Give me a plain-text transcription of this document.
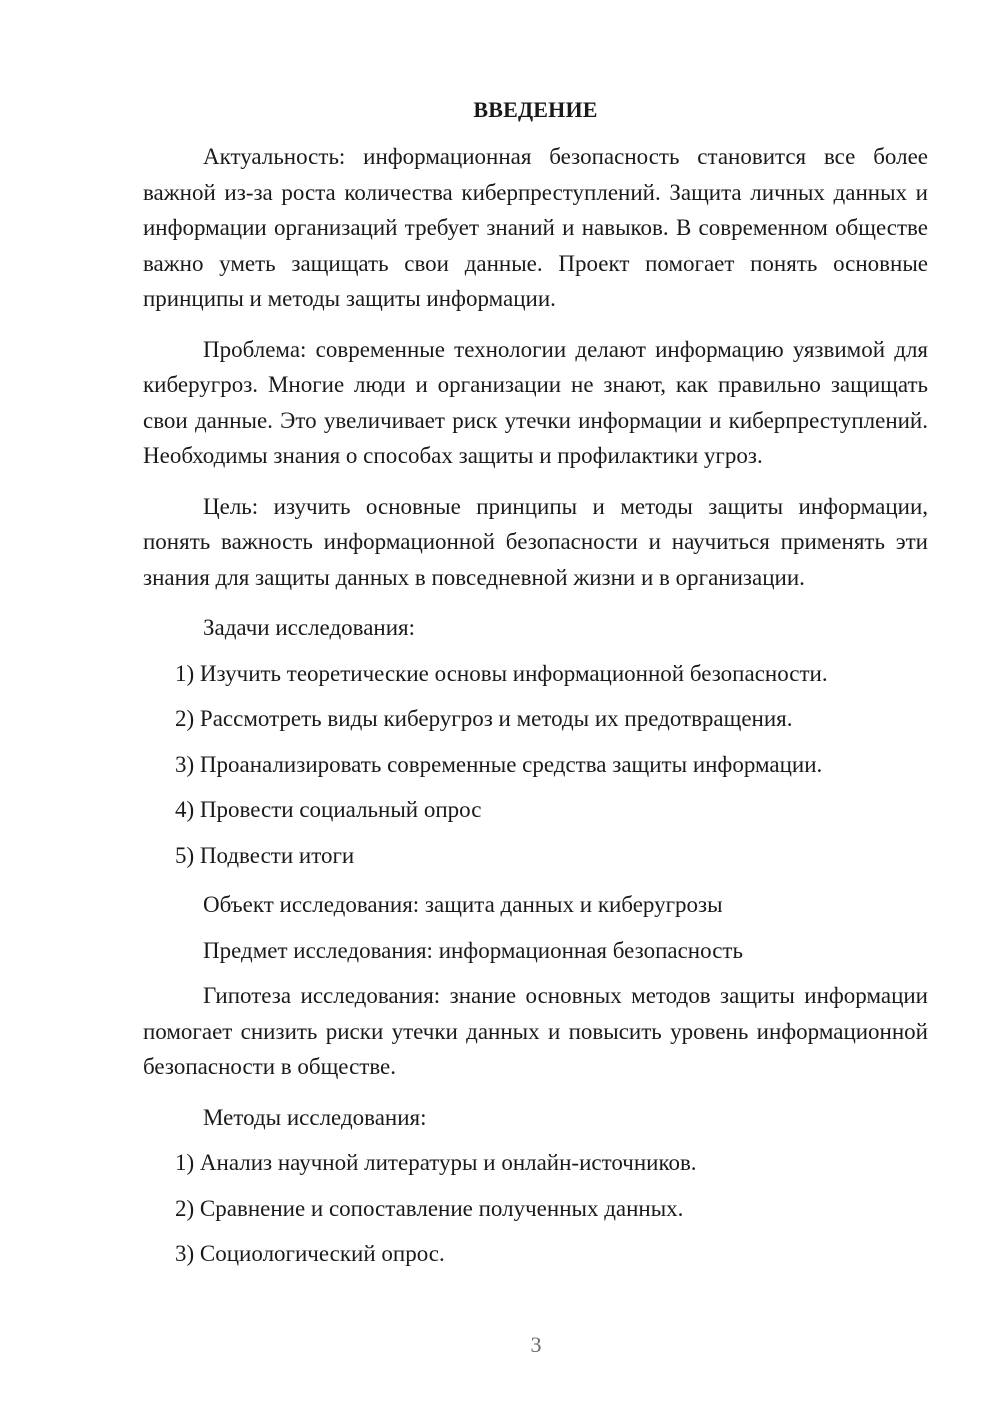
ВВЕДЕНИЕ

Актуальность: информационная безопасность становится все более важной из-за роста количества киберпреступлений. Защита личных данных и информации организаций требует знаний и навыков. В современном обществе важно уметь защищать свои данные. Проект помогает понять основные принципы и методы защиты информации.

Проблема: современные технологии делают информацию уязвимой для киберугроз. Многие люди и организации не знают, как правильно защищать свои данные. Это увеличивает риск утечки информации и киберпреступлений. Необходимы знания о способах защиты и профилактики угроз.

Цель: изучить основные принципы и методы защиты информации, понять важность информационной безопасности и научиться применять эти знания для защиты данных в повседневной жизни и в организации.

Задачи исследования:

1) Изучить теоретические основы информационной безопасности.

2) Рассмотреть виды киберугроз и методы их предотвращения.

3) Проанализировать современные средства защиты информации.

4) Провести социальный опрос

5) Подвести итоги

Объект исследования: защита данных и киберугрозы

Предмет исследования: информационная безопасность

Гипотеза исследования: знание основных методов защиты информации помогает снизить риски утечки данных и повысить уровень информационной безопасности в обществе.

Методы исследования:

1) Анализ научной литературы и онлайн-источников.

2) Сравнение и сопоставление полученных данных.

3) Социологический опрос.

3
